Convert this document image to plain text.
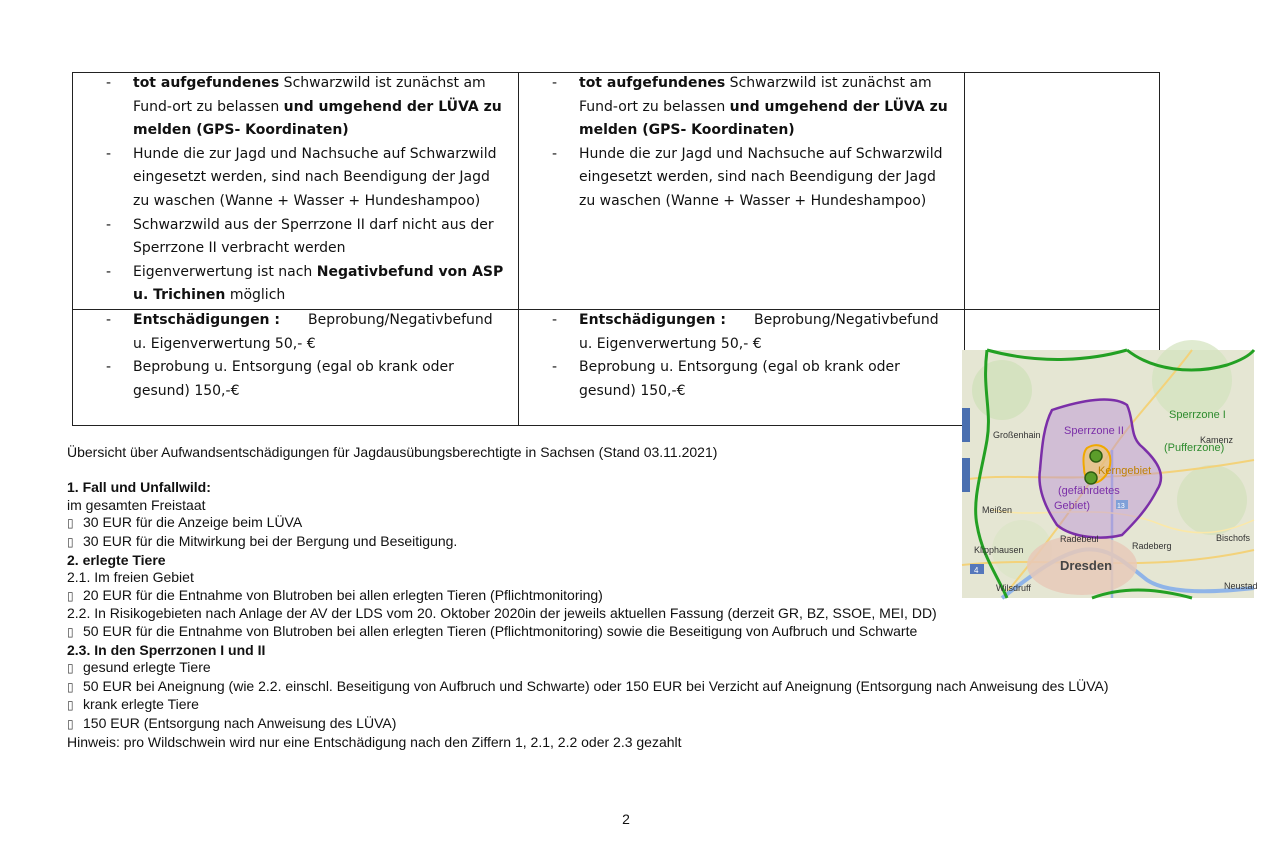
- tot aufgefundenes Schwarzwild ist zunächst am Fund-ort zu belassen und umgehend der LÜVA zu melden (GPS- Koordinaten)
- Hunde die zur Jagd und Nachsuche auf Schwarzwild eingesetzt werden, sind nach Beendigung der Jagd zu waschen (Wanne + Wasser + Hundeshampoo)
- Schwarzwild aus der Sperrzone II darf nicht aus der Sperrzone II verbracht werden
- Eigenverwertung ist nach Negativbefund von ASP u. Trichinen möglich
- tot aufgefundenes Schwarzwild ist zunächst am Fund-ort zu belassen und umgehend der LÜVA zu melden (GPS- Koordinaten)
- Hunde die zur Jagd und Nachsuche auf Schwarzwild eingesetzt werden, sind nach Beendigung der Jagd zu waschen (Wanne + Wasser + Hundeshampoo)
- Entschädigungen : Beprobung/Negativbefund u. Eigenverwertung 50,- €
- Beprobung u. Entsorgung (egal ob krank oder gesund) 150,-€
- Entschädigungen : Beprobung/Negativbefund u. Eigenverwertung 50,- €
- Beprobung u. Entsorgung (egal ob krank oder gesund) 150,-€
Sperrzone I
(Pufferzone)
Sperrzone II
Kerngebiet
(gefährdetes
Gebiet)
Großenhain	Kamenz
Meißen
Radebeul
Radeberg
Bischofs
Klipphausen
Dresden
Wilsdruff	Neustad
4
13

Übersicht über Aufwandsentschädigungen für Jagdausübungsberechtigte in Sachsen (Stand 03.11.2021)

1. Fall und Unfallwild:

im gesamten Freistaat

▯ 30 EUR für die Anzeige beim LÜVA

▯ 30 EUR für die Mitwirkung bei der Bergung und Beseitigung.

2. erlegte Tiere

2.1. Im freien Gebiet

▯ 20 EUR für die Entnahme von Blutroben bei allen erlegten Tieren (Pflichtmonitoring)

2.2. In Risikogebieten nach Anlage der AV der LDS vom 20. Oktober 2020in der jeweils aktuellen Fassung (derzeit GR, BZ, SSOE, MEI, DD)

▯ 50 EUR für die Entnahme von Blutroben bei allen erlegten Tieren (Pflichtmonitoring) sowie die Beseitigung von Aufbruch und Schwarte

2.3. In den Sperrzonen I und II

▯ gesund erlegte Tiere

▯ 50 EUR bei Aneignung (wie 2.2. einschl. Beseitigung von Aufbruch und Schwarte) oder 150 EUR bei Verzicht auf Aneignung (Entsorgung nach Anweisung des LÜVA)

▯ krank erlegte Tiere

▯ 150 EUR (Entsorgung nach Anweisung des LÜVA)

Hinweis: pro Wildschwein wird nur eine Entschädigung nach den Ziffern 1, 2.1, 2.2 oder 2.3 gezahlt

2
